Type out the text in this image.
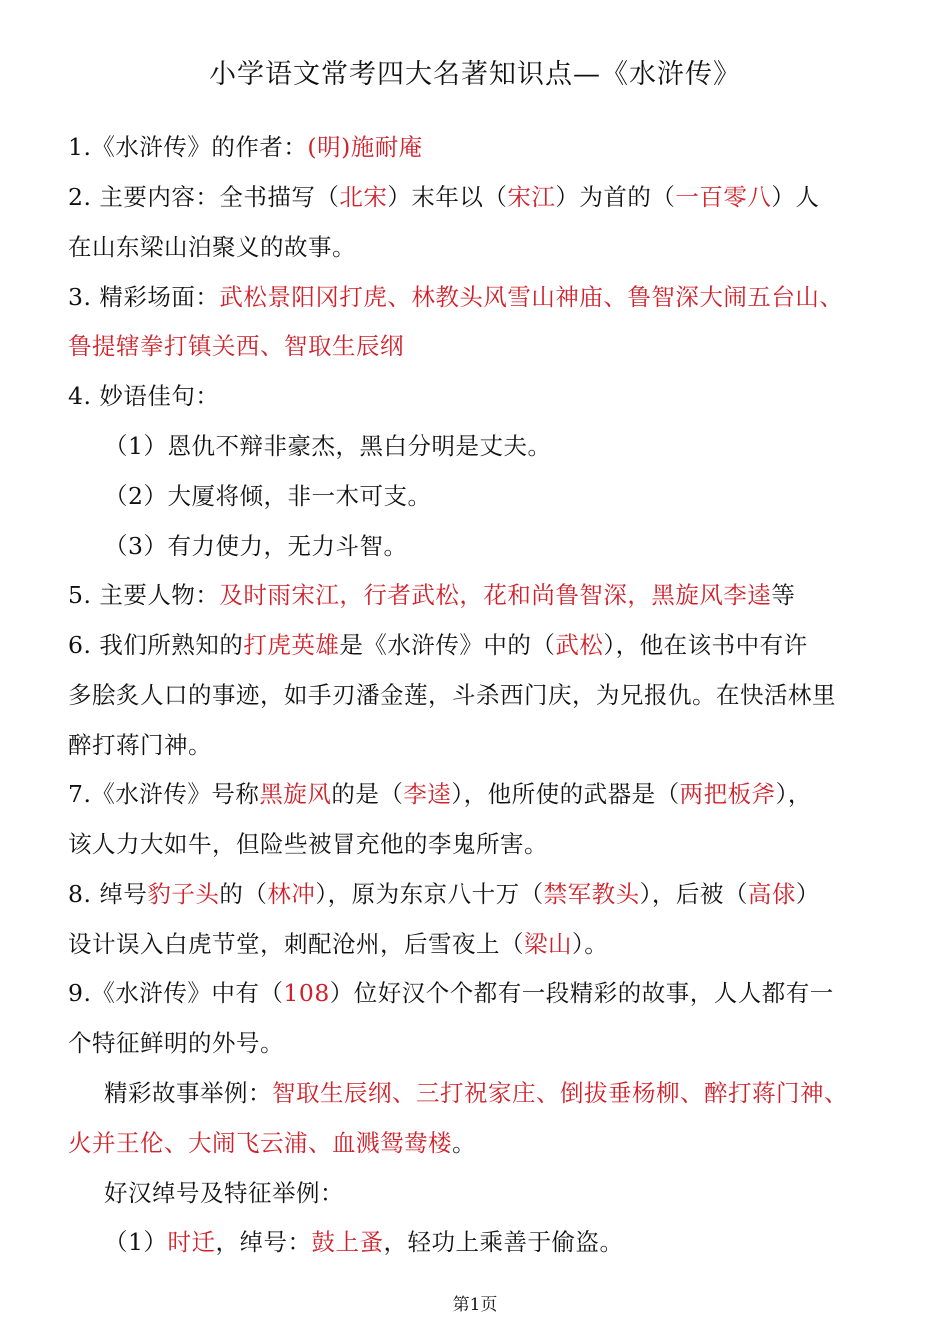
小学语文常考四大名著知识点—《水浒传》
1.《水浒传》的作者：(明)施耐庵
2. 主要内容：全书描写（北宋）末年以（宋江）为首的（一百零八）人
在山东梁山泊聚义的故事。
3. 精彩场面：武松景阳冈打虎、林教头风雪山神庙、鲁智深大闹五台山、
鲁提辖拳打镇关西、智取生辰纲
4. 妙语佳句：
（1）恩仇不辩非豪杰，黑白分明是丈夫。
（2）大厦将倾，非一木可支。
（3）有力使力，无力斗智。
5. 主要人物：及时雨宋江，行者武松，花和尚鲁智深，黑旋风李逵等
6. 我们所熟知的打虎英雄是《水浒传》中的（武松），他在该书中有许
多脍炙人口的事迹，如手刃潘金莲，斗杀西门庆，为兄报仇。在快活林里
醉打蒋门神。
7.《水浒传》号称黑旋风的是（李逵），他所使的武器是（两把板斧），
该人力大如牛，但险些被冒充他的李鬼所害。
8. 绰号豹子头的（林冲），原为东京八十万（禁军教头），后被（高俅）
设计误入白虎节堂，刺配沧州，后雪夜上（梁山）。
9.《水浒传》中有（108）位好汉个个都有一段精彩的故事，人人都有一
个特征鲜明的外号。
精彩故事举例：智取生辰纲、三打祝家庄、倒拔垂杨柳、醉打蒋门神、
火并王伦、大闹飞云浦、血溅鸳鸯楼。
好汉绰号及特征举例：
（1）时迁，绰号：鼓上蚤，轻功上乘善于偷盗。
第1页
